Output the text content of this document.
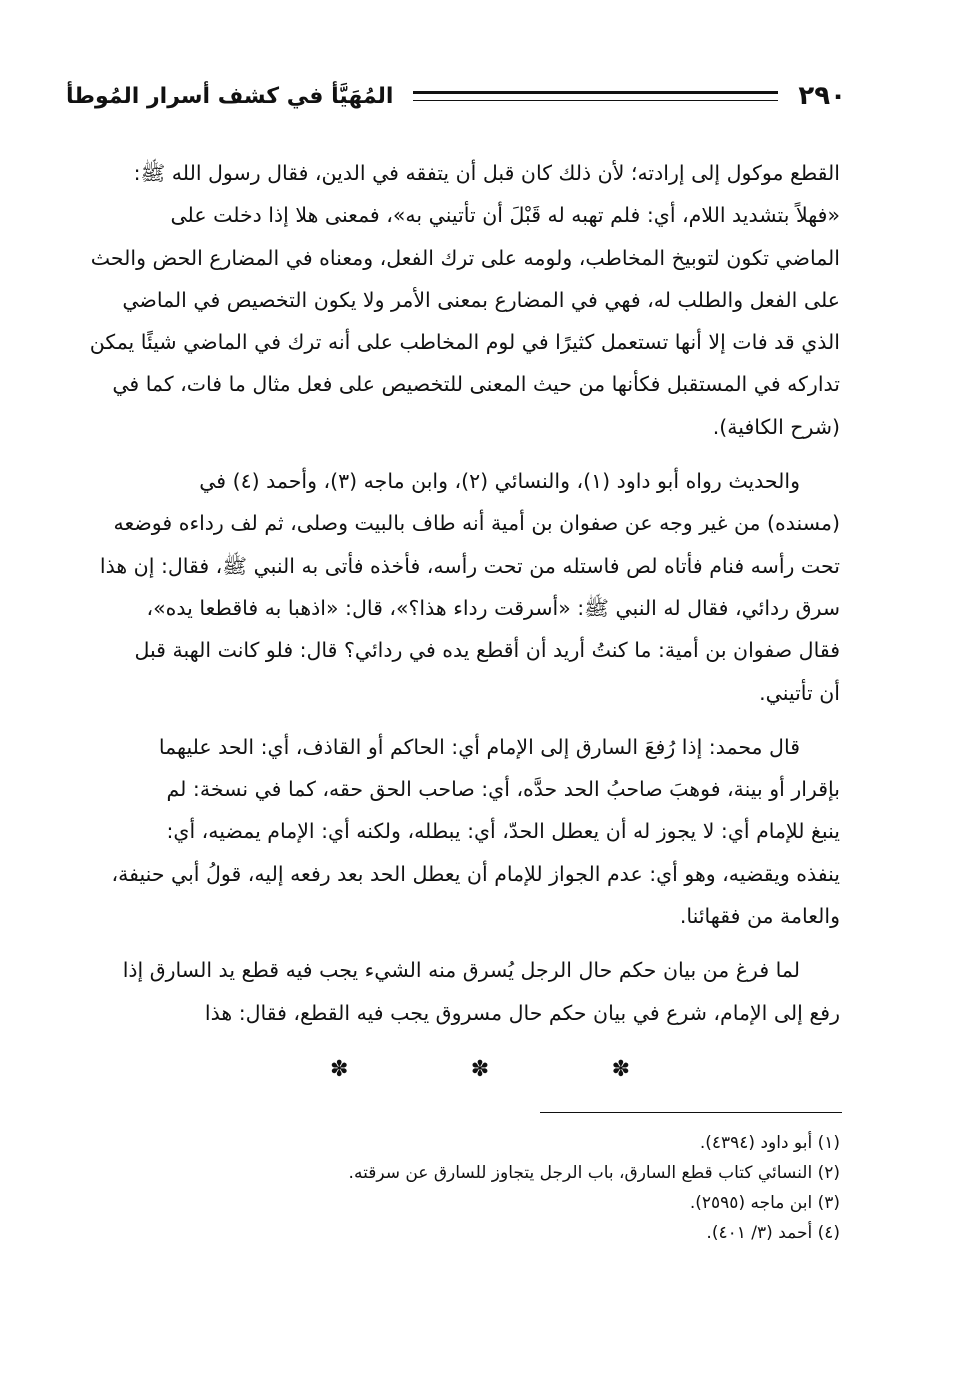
٢٩٠
المُهَيَّأ في كشف أسرار المُوطأ

القطع موكول إلى إرادته؛ لأن ذلك كان قبل أن يتفقه في الدين، فقال رسول الله ﷺ:

«فهلاً بتشديد اللام، أي: فلم تهبه له قَبْلَ أن تأتيني به»، فمعنى هلا إذا دخلت على

الماضي تكون لتوبيخ المخاطب، ولومه على ترك الفعل، ومعناه في المضارع الحض والحث

على الفعل والطلب له، فهي في المضارع بمعنى الأمر ولا يكون التخصيص في الماضي

الذي قد فات إلا أنها تستعمل كثيرًا في لوم المخاطب على أنه ترك في الماضي شيئًا يمكن

تداركه في المستقبل فكأنها من حيث المعنى للتخصيص على فعل مثال ما فات، كما في

(شرح الكافية).

والحديث رواه أبو داود (١)، والنسائي (٢)، وابن ماجه (٣)، وأحمد (٤) في

(مسنده) من غير وجه عن صفوان بن أمية أنه طاف بالبيت وصلى، ثم لف رداءه فوضعه

تحت رأسه فنام فأتاه لص فاستله من تحت رأسه، فأخذه فأتى به النبي ﷺ، فقال: إن هذا

سرق ردائي، فقال له النبي ﷺ: «أسرقت رداء هذا؟»، قال: «اذهبا به فاقطعا يده»،

فقال صفوان بن أمية: ما كنتُ أريد أن أقطع يده في ردائي؟ قال: فلو كانت الهبة قبل

أن تأتيني.

قال محمد: إذا رُفعَ السارق إلى الإمام أي: الحاكم أو القاذف، أي: الحد عليهما

بإقرار أو بينة، فوهبَ صاحبُ الحد حدَّه، أي: صاحب الحق حقه، كما في نسخة: لم

ينبغ للإمام أي: لا يجوز له أن يعطل الحدّ، أي: يبطله، ولكنه أي: الإمام يمضيه، أي:

ينفذه ويقضيه، وهو أي: عدم الجواز للإمام أن يعطل الحد بعد رفعه إليه، قولُ أبي حنيفة،

والعامة من فقهائنا.

لما فرغ من بيان حكم حال الرجل يُسرق منه الشيء يجب فيه قطع يد السارق إذا

رفع إلى الإمام، شرع في بيان حكم حال مسروق يجب فيه القطع، فقال: هذا

✽
✽
✽

(١) أبو داود (٤٣٩٤).

(٢) النسائي كتاب قطع السارق، باب الرجل يتجاوز للسارق عن سرقته.

(٣) ابن ماجه (٢٥٩٥).

(٤) أحمد (٣/ ٤٠١).
